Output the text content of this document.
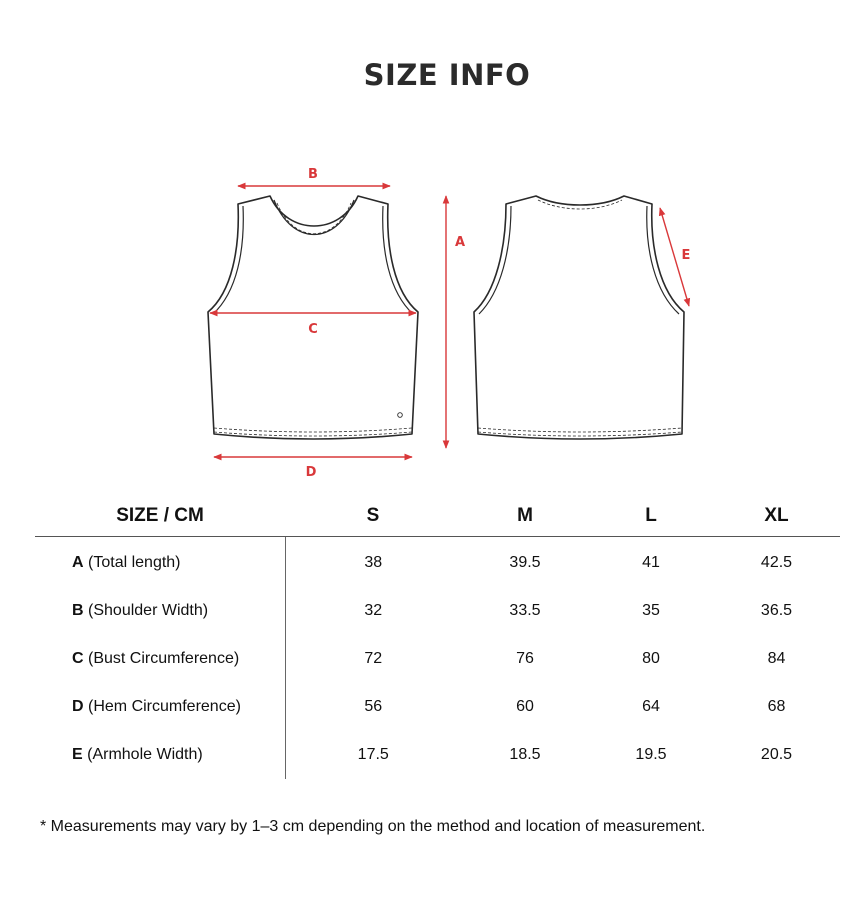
SIZE INFO
B
A
C
D
E
SIZE / CM	S	M	L	XL
A (Total length)	38	39.5	41	42.5
B (Shoulder Width)	32	33.5	35	36.5
C (Bust Circumference)	72	76	80	84
D (Hem Circumference)	56	60	64	68
E (Armhole Width)	17.5	18.5	19.5	20.5
* Measurements may vary by 1–3 cm depending on the method and location of measurement.
